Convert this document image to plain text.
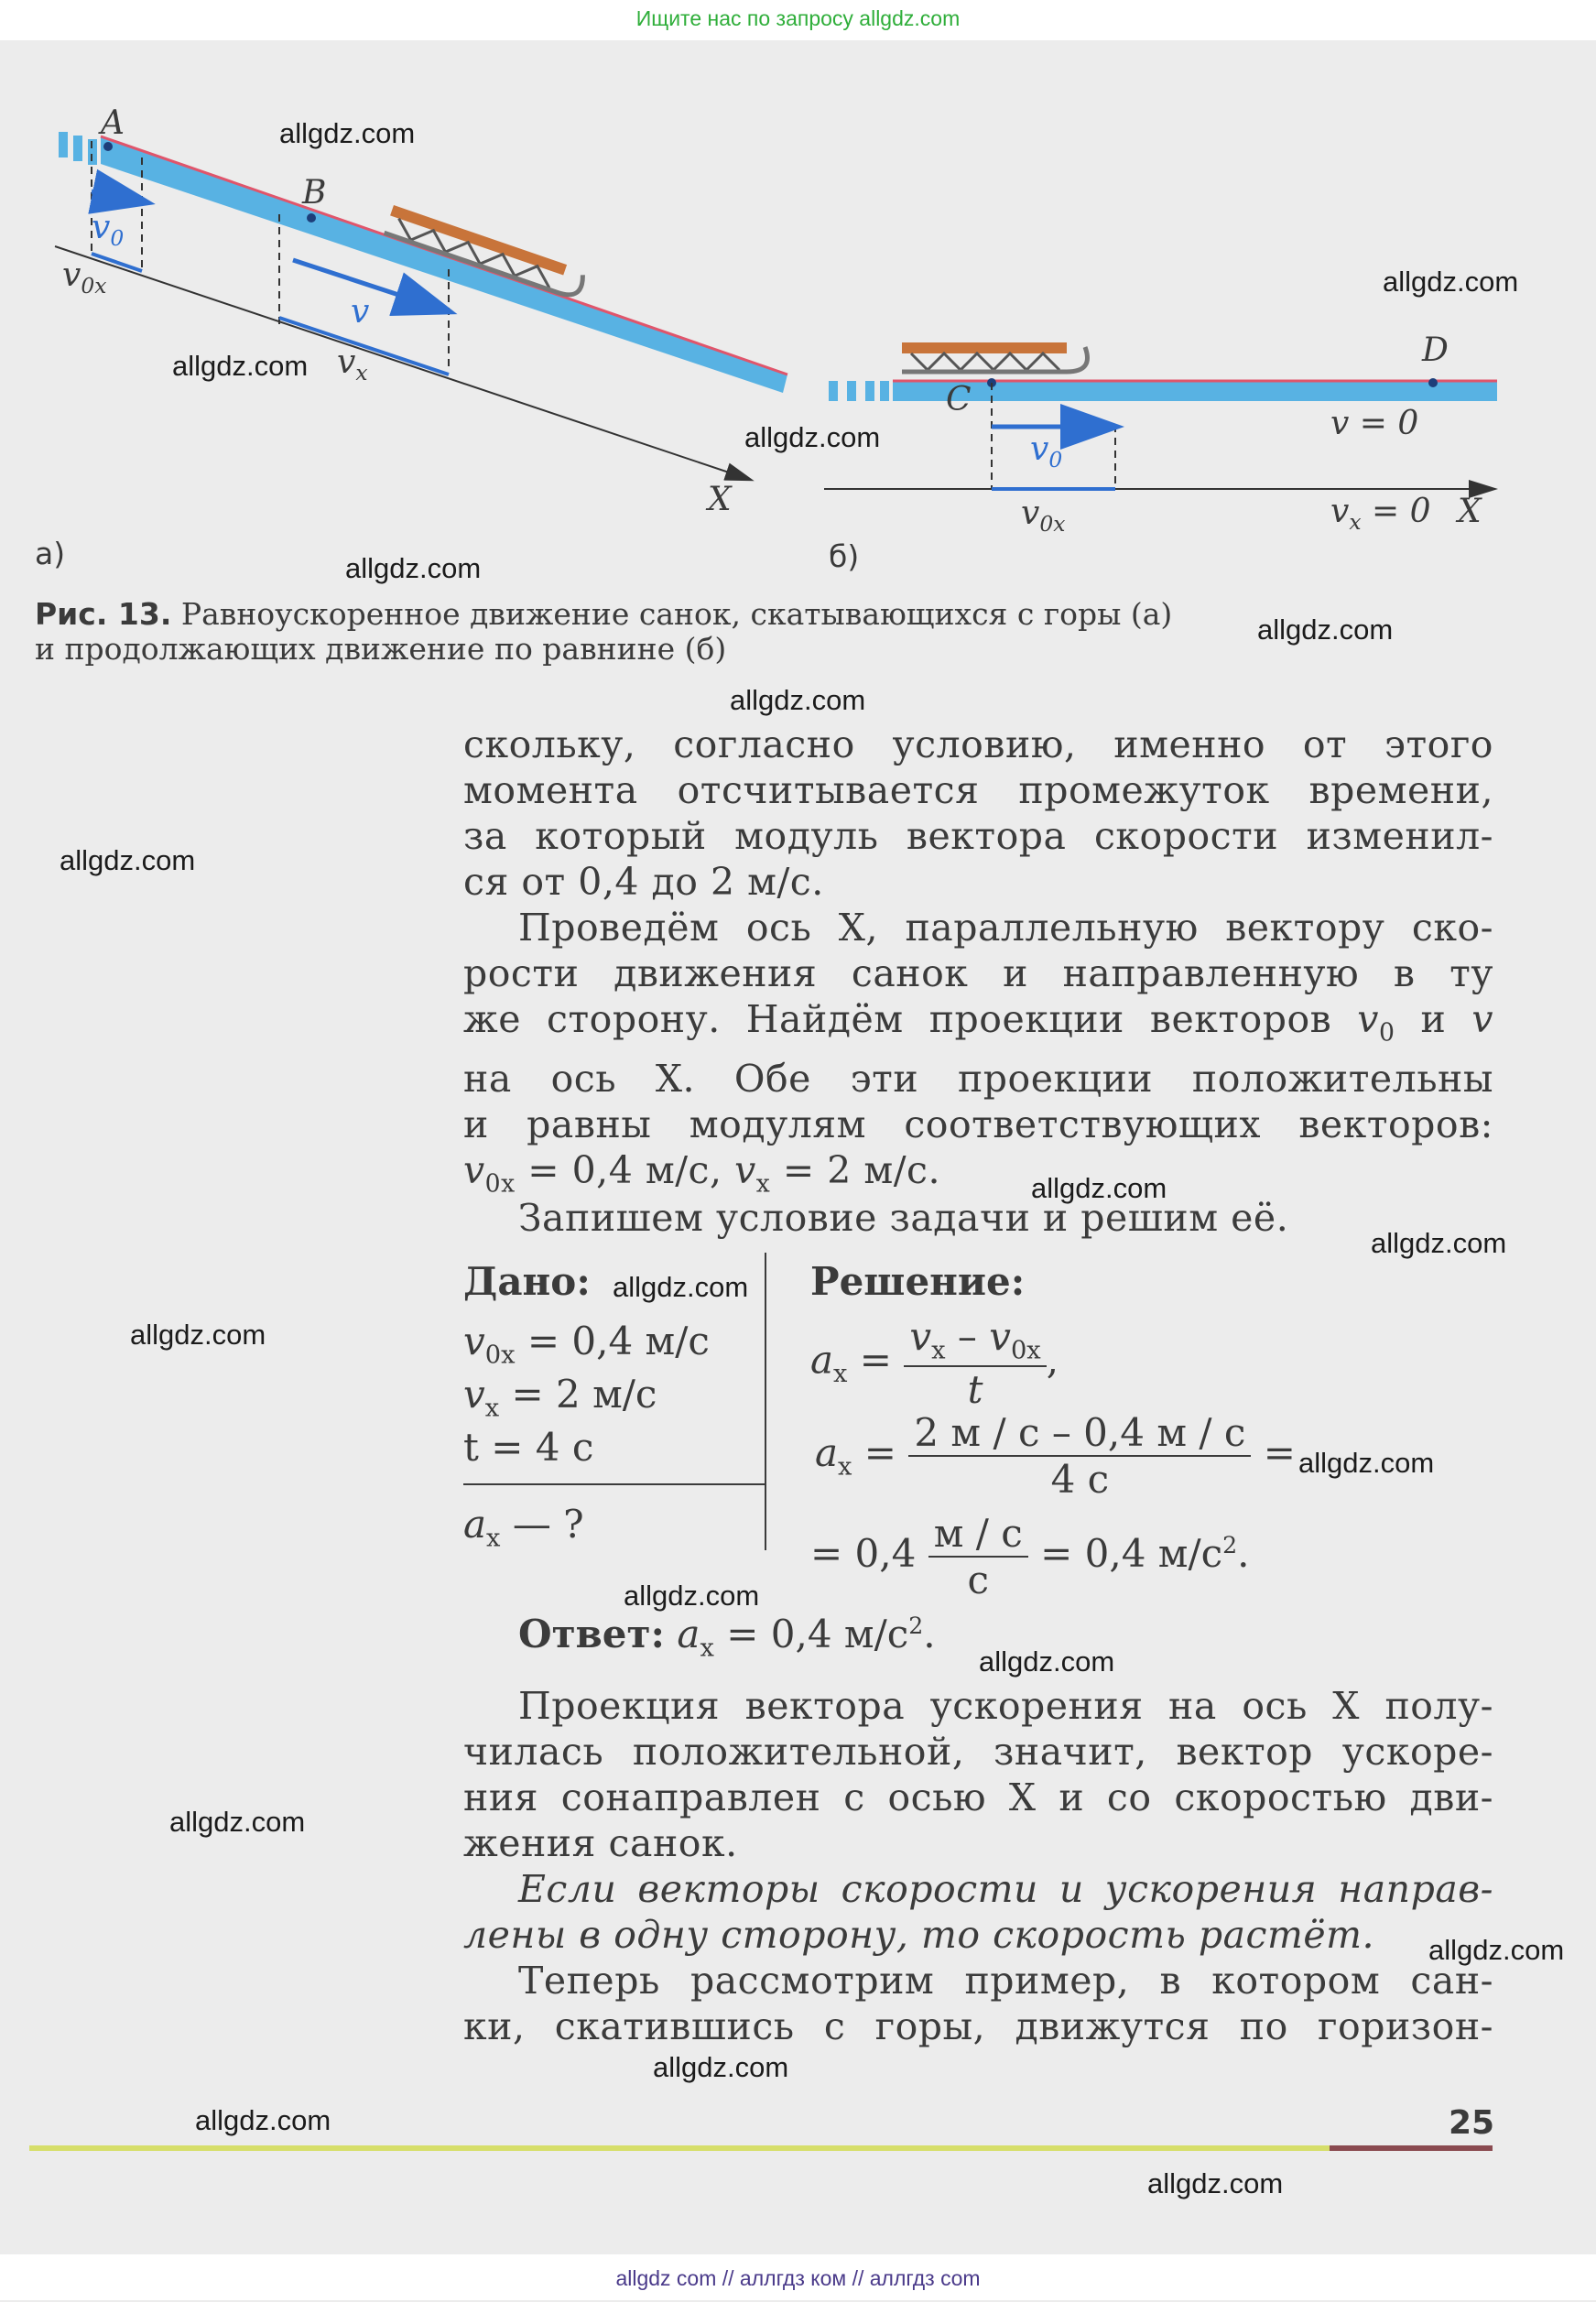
Ищите нас по запросу allgdz.com
allgdz com // аллгдз ком // аллгдз com
A
B
C
D
X	X
$v_0$
v
$v_{0x}$
$v_x$
$v_0$
$v_{0x}$
v = 0
$v_x = 0$
а)	б)
Рис. 13. Равноускоренное движение санок, скатывающихся с горы (а)
и продолжающих движение по равнине (б)
скольку, согласно условию, именно от этого
момента отсчитывается промежуток времени,
за который модуль вектора скорости изменил-
ся от 0,4 до 2 м/с.
Проведём ось X, параллельную вектору ско-
рости движения санок и направленную в ту
же сторону. Найдём проекции векторов $v_0$ и v
на ось X. Обе эти проекции положительны
и равны модулям соответствующих векторов:
$v_{0x} = 0,4$ м/с, $v_x = 2$ м/с.
Запишем условие задачи и решим её.
Дано:
$v_{0x} = 0,4$ м/с
$v_x = 2$ м/с
t = 4 с
$a_x$ — ?
Решение:
$a_x = \frac{v_x - v_{0x}}{t}$ ,
$a_x = \frac{2 м / с - 0,4 м / с}{4 с}$ =
= $0,4 \frac{м / с}{с} = 0,4$ $м/с^2$.
Ответ: $a_x = 0,4$ $м/с^2$.
Проекция вектора ускорения на ось X полу-
чилась положительной, значит, вектор ускоре-
ния сонаправлен с осью X и со скоростью дви-
жения санок.
Если векторы скорости и ускорения направ-
лены в одну сторону, то скорость растёт.
Теперь рассмотрим пример, в котором сан-
ки, скатившись с горы, движутся по горизон-
25
allgdz.com
allgdz.com
allgdz.com
allgdz.com
allgdz.com
allgdz.com
allgdz.com
allgdz.com
allgdz.com
allgdz.com
allgdz.com
allgdz.com
allgdz.com
allgdz.com
allgdz.com
allgdz.com
allgdz.com
allgdz.com
allgdz.com
allgdz.com
